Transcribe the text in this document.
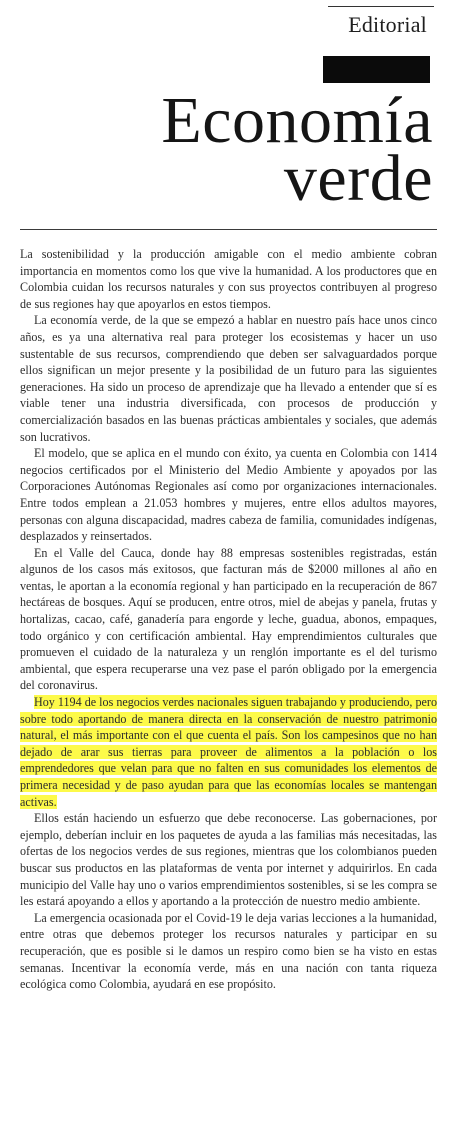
Editorial
Economía
verde

La sostenibilidad y la producción amigable con el medio ambiente cobran importancia en momentos como los que vive la humanidad. A los productores que en Colombia cuidan los recursos naturales y con sus proyectos contribuyen al progreso de sus regiones hay que apoyarlos en estos tiempos.

La economía verde, de la que se empezó a hablar en nuestro país hace unos cinco años, es ya una alternativa real para proteger los ecosistemas y hacer un uso sustentable de sus recursos, comprendiendo que deben ser salvaguardados porque ellos significan un mejor presente y la posibilidad de un futuro para las siguientes generaciones. Ha sido un proceso de aprendizaje que ha llevado a entender que sí es viable tener una industria diversificada, con procesos de producción y comercialización basados en las buenas prácticas ambientales y sociales, que además son lucrativos.

El modelo, que se aplica en el mundo con éxito, ya cuenta en Colombia con 1414 negocios certificados por el Ministerio del Medio Ambiente y apoyados por las Corporaciones Autónomas Regionales así como por organizaciones internacionales. Entre todos emplean a 21.053 hombres y mujeres, entre ellos adultos mayores, personas con alguna discapacidad, madres cabeza de familia, comunidades indígenas, desplazados y reinsertados.

En el Valle del Cauca, donde hay 88 empresas sostenibles registradas, están algunos de los casos más exitosos, que facturan más de $2000 millones al año en ventas, le aportan a la economía regional y han participado en la recuperación de 867 hectáreas de bosques. Aquí se producen, entre otros, miel de abejas y panela, frutas y hortalizas, cacao, café, ganadería para engorde y leche, guadua, abonos, empaques, todo orgánico y con certificación ambiental. Hay emprendimientos culturales que promueven el cuidado de la naturaleza y un renglón importante es el del turismo ambiental, que espera recuperarse una vez pase el parón obligado por la emergencia del coronavirus.

Hoy 1194 de los negocios verdes nacionales siguen trabajando y produciendo, pero sobre todo aportando de manera directa en la conservación de nuestro patrimonio natural, el más importante con el que cuenta el país. Son los campesinos que no han dejado de arar sus tierras para proveer de alimentos a la población o los emprendedores que velan para que no falten en sus comunidades los elementos de primera necesidad y de paso ayudan para que las economías locales se mantengan activas.

Ellos están haciendo un esfuerzo que debe reconocerse. Las gobernaciones, por ejemplo, deberían incluir en los paquetes de ayuda a las familias más necesitadas, las ofertas de los negocios verdes de sus regiones, mientras que los colombianos pueden buscar sus productos en las plataformas de venta por internet y adquirirlos. En cada municipio del Valle hay uno o varios emprendimientos sostenibles, si se les compra se les estará apoyando a ellos y aportando a la protección de nuestro medio ambiente.

La emergencia ocasionada por el Covid-19 le deja varias lecciones a la humanidad, entre otras que debemos proteger los recursos naturales y participar en su recuperación, que es posible si le damos un respiro como bien se ha visto en estas semanas. Incentivar la economía verde, más en una nación con tanta riqueza ecológica como Colombia, ayudará en ese propósito.
